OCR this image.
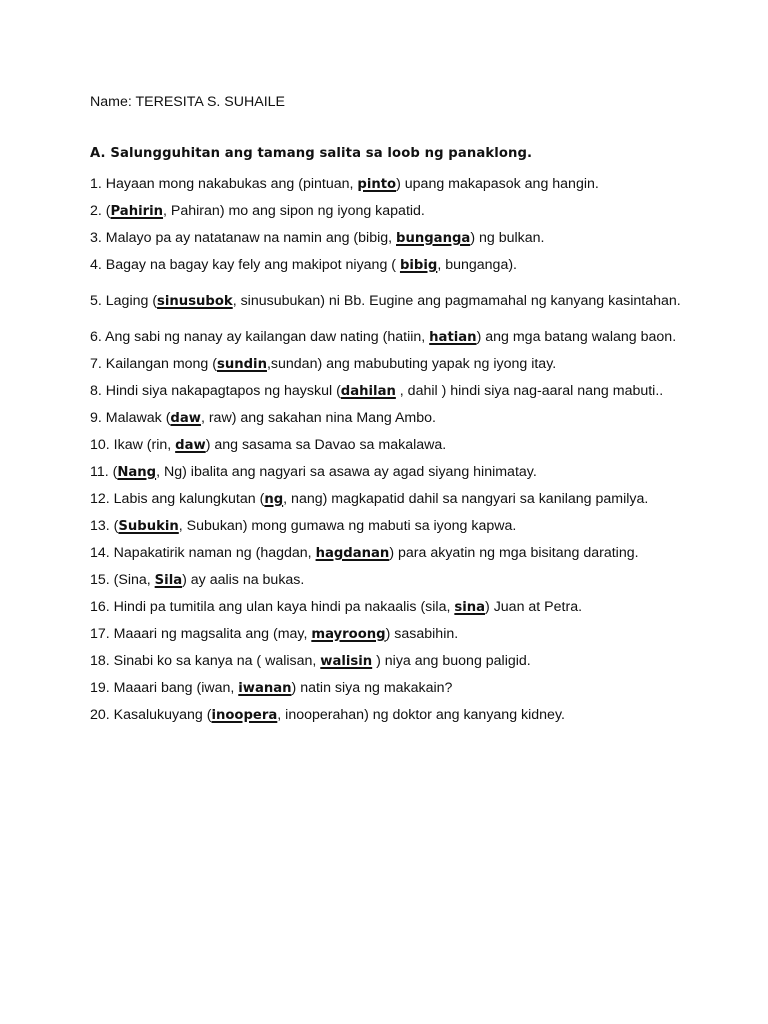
Name: TERESITA S. SUHAILE
A. Salungguhitan ang tamang salita sa loob ng panaklong.
1. Hayaan mong nakabukas ang (pintuan, pinto) upang makapasok ang hangin.
2. (Pahirin, Pahiran) mo ang sipon ng iyong kapatid.
3. Malayo pa ay natatanaw na namin ang (bibig, bunganga) ng bulkan.
4. Bagay na bagay kay fely ang makipot niyang ( bibig, bunganga).
5. Laging (sinusubok, sinusubukan) ni Bb. Eugine ang pagmamahal ng kanyang kasintahan.
6. Ang sabi ng nanay ay kailangan daw nating (hatiin, hatian) ang mga batang walang baon.
7. Kailangan mong (sundin,sundan) ang mabubuting yapak ng iyong itay.
8. Hindi siya nakapagtapos ng hayskul (dahilan , dahil ) hindi siya nag-aaral nang mabuti..
9. Malawak (daw, raw) ang sakahan nina Mang Ambo.
10. Ikaw (rin, daw) ang sasama sa Davao sa makalawa.
11. (Nang, Ng) ibalita ang nagyari sa asawa ay agad siyang hinimatay.
12. Labis ang kalungkutan (ng, nang) magkapatid dahil sa nangyari sa kanilang pamilya.
13. (Subukin, Subukan) mong gumawa ng mabuti sa iyong kapwa.
14. Napakatirik naman ng (hagdan, hagdanan) para akyatin ng mga bisitang darating.
15. (Sina, Sila) ay aalis na bukas.
16. Hindi pa tumitila ang ulan kaya hindi pa nakaalis (sila, sina) Juan at Petra.
17. Maaari ng magsalita ang (may, mayroong) sasabihin.
18. Sinabi ko sa kanya na ( walisan, walisin ) niya ang buong paligid.
19. Maaari bang (iwan, iwanan) natin siya ng makakain?
20. Kasalukuyang (inoopera, inooperahan) ng doktor ang kanyang kidney.
